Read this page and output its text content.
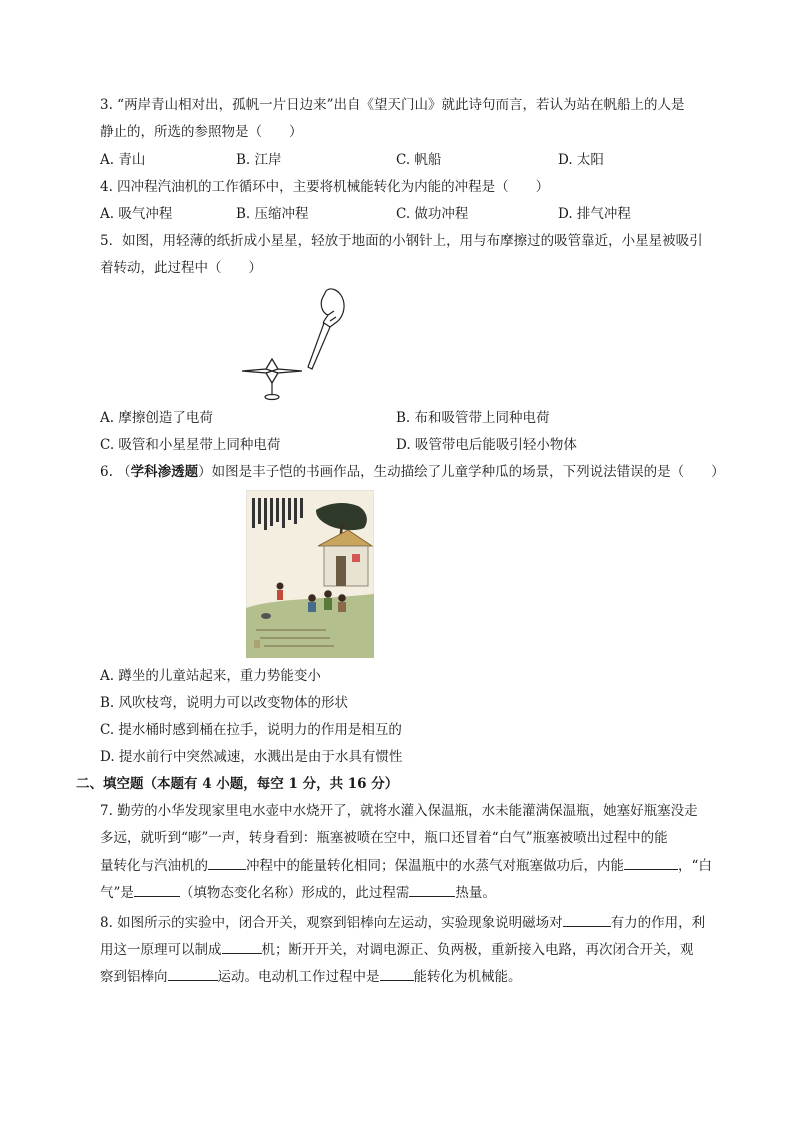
3. “两岸青山相对出，孤帆一片日边来”出自《望天门山》就此诗句而言，若认为站在帆船上的人是
静止的，所选的参照物是（　　）
A. 青山	B. 江岸	C. 帆船	D. 太阳
4. 四冲程汽油机的工作循环中，主要将机械能转化为内能的冲程是（　　）
A. 吸气冲程	B. 压缩冲程	C. 做功冲程	D. 排气冲程
5．如图，用轻薄的纸折成小星星，轻放于地面的小钢针上，用与布摩擦过的吸管靠近，小星星被吸引
着转动，此过程中（　　）
A. 摩擦创造了电荷	B. 布和吸管带上同种电荷
C. 吸管和小星星带上同种电荷	D. 吸管带电后能吸引轻小物体
6. （学科渗透题）如图是丰子恺的书画作品，生动描绘了儿童学种瓜的场景，下列说法错误的是（　　）
A. 蹲坐的儿童站起来，重力势能变小
B. 风吹枝弯，说明力可以改变物体的形状
C. 提水桶时感到桶在拉手，说明力的作用是相互的
D. 提水前行中突然减速，水溅出是由于水具有惯性
二、填空题（本题有 4 小题，每空 1 分，共 16 分）
7. 勤劳的小华发现家里电水壶中水烧开了，就将水灌入保温瓶，水未能灌满保温瓶，她塞好瓶塞没走
多远，就听到“嘭”一声，转身看到：瓶塞被喷在空中，瓶口还冒着“白气”瓶塞被喷出过程中的能
量转化与汽油机的	冲程中的能量转化相同；保温瓶中的水蒸气对瓶塞做功后，内能	，“白
气”是	（填物态变化名称）形成的，此过程需	热量。
8. 如图所示的实验中，闭合开关，观察到铝棒向左运动，实验现象说明磁场对	有力的作用，利
用这一原理可以制成	机；断开开关，对调电源正、负两极，重新接入电路，再次闭合开关，观
察到铝棒向	运动。电动机工作过程中是	能转化为机械能。
